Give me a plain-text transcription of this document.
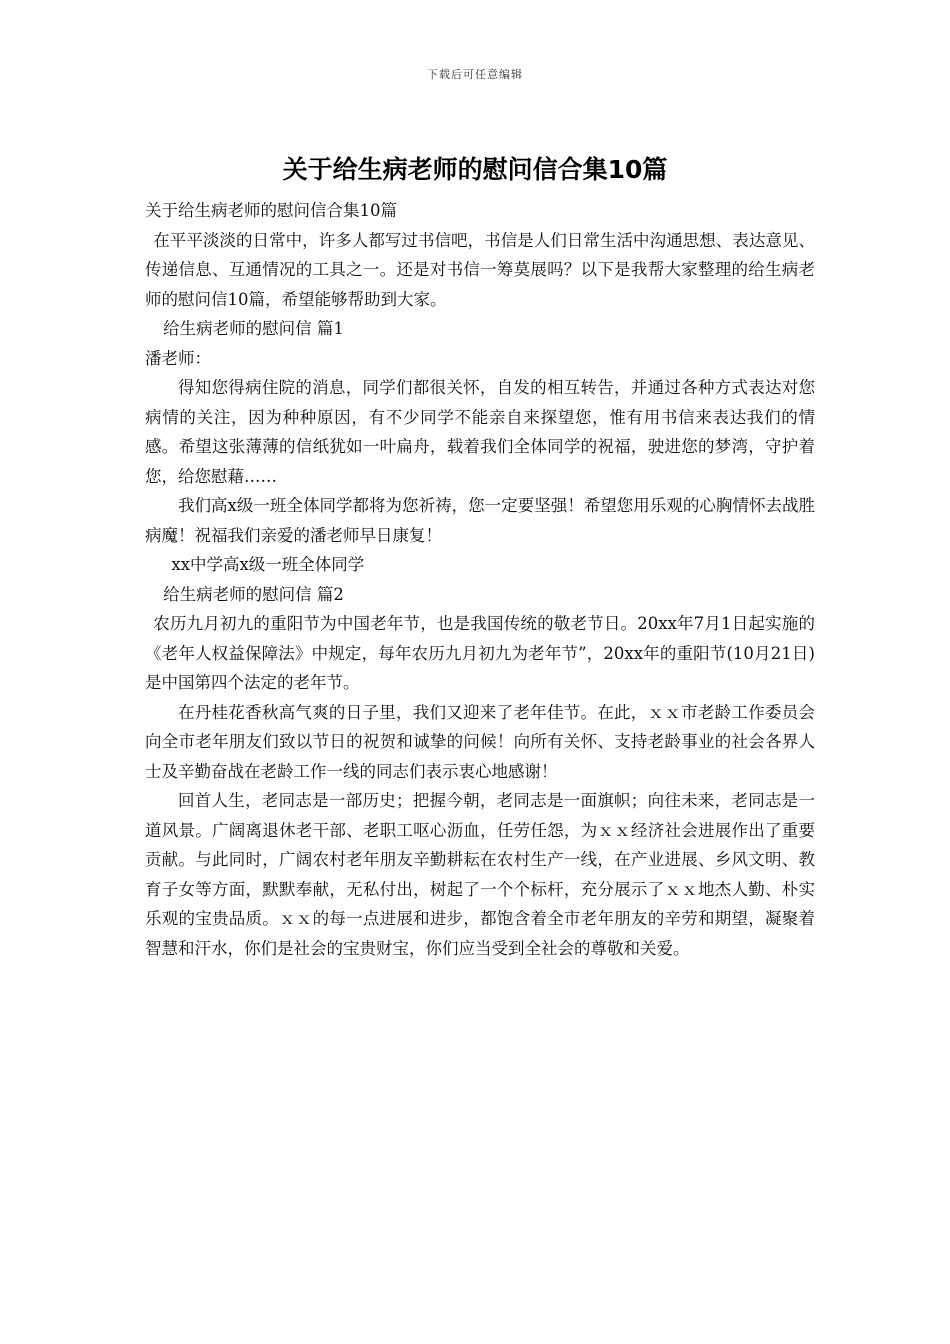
下载后可任意编辑
关于给生病老师的慰问信合集10篇

关于给生病老师的慰问信合集10篇

在平平淡淡的日常中，许多人都写过书信吧，书信是人们日常生活中沟通思想、表达意见、传递信息、互通情况的工具之一。还是对书信一筹莫展吗？以下是我帮大家整理的给生病老师的慰问信10篇，希望能够帮助到大家。

给生病老师的慰问信 篇1

潘老师：

得知您得病住院的消息，同学们都很关怀，自发的相互转告，并通过各种方式表达对您病情的关注，因为种种原因，有不少同学不能亲自来探望您，惟有用书信来表达我们的情感。希望这张薄薄的信纸犹如一叶扁舟，载着我们全体同学的祝福，驶进您的梦湾，守护着您，给您慰藉……

我们高x级一班全体同学都将为您祈祷，您一定要坚强！希望您用乐观的心胸情怀去战胜病魔！祝福我们亲爱的潘老师早日康复！

xx中学高x级一班全体同学

给生病老师的慰问信 篇2

农历九月初九的重阳节为中国老年节，也是我国传统的敬老节日。20xx年7月1日起实施的《老年人权益保障法》中规定，每年农历九月初九为老年节”，20xx年的重阳节(10月21日)是中国第四个法定的老年节。

在丹桂花香秋高气爽的日子里，我们又迎来了老年佳节。在此，ｘｘ市老龄工作委员会向全市老年朋友们致以节日的祝贺和诚挚的问候！向所有关怀、支持老龄事业的社会各界人士及辛勤奋战在老龄工作一线的同志们表示衷心地感谢！

回首人生，老同志是一部历史；把握今朝，老同志是一面旗帜；向往未来，老同志是一道风景。广阔离退休老干部、老职工呕心沥血，任劳任怨，为ｘｘ经济社会进展作出了重要贡献。与此同时，广阔农村老年朋友辛勤耕耘在农村生产一线，在产业进展、乡风文明、教育子女等方面，默默奉献，无私付出，树起了一个个标杆，充分展示了ｘｘ地杰人勤、朴实乐观的宝贵品质。ｘｘ的每一点进展和进步，都饱含着全市老年朋友的辛劳和期望，凝聚着智慧和汗水，你们是社会的宝贵财宝，你们应当受到全社会的尊敬和关爱。
